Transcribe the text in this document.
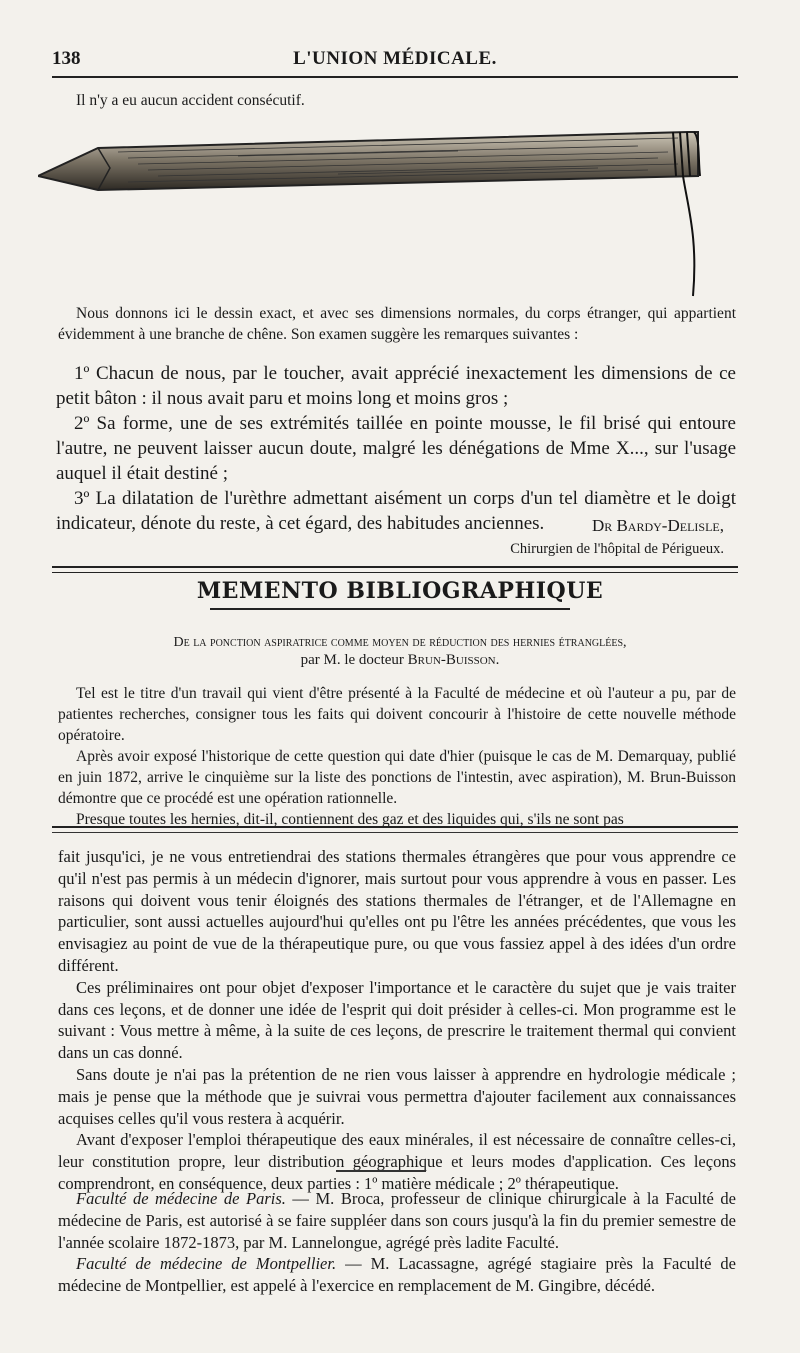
138	L'UNION MÉDICALE.

Il n'y a eu aucun accident consécutif.

Nous donnons ici le dessin exact, et avec ses dimensions normales, du corps étranger, qui appartient évidemment à une branche de chêne. Son examen suggère les remarques suivantes :

1º Chacun de nous, par le toucher, avait apprécié inexactement les dimensions de ce petit bâton : il nous avait paru et moins long et moins gros ;

2º Sa forme, une de ses extrémités taillée en pointe mousse, le fil brisé qui entoure l'autre, ne peuvent laisser aucun doute, malgré les dénégations de Mme X..., sur l'usage auquel il était destiné ;

3º La dilatation de l'urèthre admettant aisément un corps d'un tel diamètre et le doigt indicateur, dénote du reste, à cet égard, des habitudes anciennes.	Dr Bardy-Delisle,
Chirurgien de l'hôpital de Périgueux.
MEMENTO BIBLIOGRAPHIQUE
De la ponction aspiratrice comme moyen de réduction des hernies étranglées,
par M. le docteur Brun-Buisson.

Tel est le titre d'un travail qui vient d'être présenté à la Faculté de médecine et où l'auteur a pu, par de patientes recherches, consigner tous les faits qui doivent concourir à l'histoire de cette nouvelle méthode opératoire.

Après avoir exposé l'historique de cette question qui date d'hier (puisque le cas de M. Demarquay, publié en juin 1872, arrive le cinquième sur la liste des ponctions de l'intestin, avec aspiration), M. Brun-Buisson démontre que ce procédé est une opération rationnelle.

Presque toutes les hernies, dit-il, contiennent des gaz et des liquides qui, s'ils ne sont pas

fait jusqu'ici, je ne vous entretiendrai des stations thermales étrangères que pour vous apprendre ce qu'il n'est pas permis à un médecin d'ignorer, mais surtout pour vous apprendre à vous en passer. Les raisons qui doivent vous tenir éloignés des stations thermales de l'étranger, et de l'Allemagne en particulier, sont aussi actuelles aujourd'hui qu'elles ont pu l'être les années précédentes, que vous les envisagiez au point de vue de la thérapeutique pure, ou que vous fassiez appel à des idées d'un ordre différent.

Ces préliminaires ont pour objet d'exposer l'importance et le caractère du sujet que je vais traiter dans ces leçons, et de donner une idée de l'esprit qui doit présider à celles-ci. Mon programme est le suivant : Vous mettre à même, à la suite de ces leçons, de prescrire le traitement thermal qui convient dans un cas donné.

Sans doute je n'ai pas la prétention de ne rien vous laisser à apprendre en hydrologie médicale ; mais je pense que la méthode que je suivrai vous permettra d'ajouter facilement aux connaissances acquises celles qu'il vous restera à acquérir.

Avant d'exposer l'emploi thérapeutique des eaux minérales, il est nécessaire de connaître celles-ci, leur constitution propre, leur distribution géographique et leurs modes d'application. Ces leçons comprendront, en conséquence, deux parties : 1º matière médicale ; 2º thérapeutique.

Faculté de médecine de Paris. — M. Broca, professeur de clinique chirurgicale à la Faculté de médecine de Paris, est autorisé à se faire suppléer dans son cours jusqu'à la fin du premier semestre de l'année scolaire 1872-1873, par M. Lannelongue, agrégé près ladite Faculté.

Faculté de médecine de Montpellier. — M. Lacassagne, agrégé stagiaire près la Faculté de médecine de Montpellier, est appelé à l'exercice en remplacement de M. Gingibre, décédé.
